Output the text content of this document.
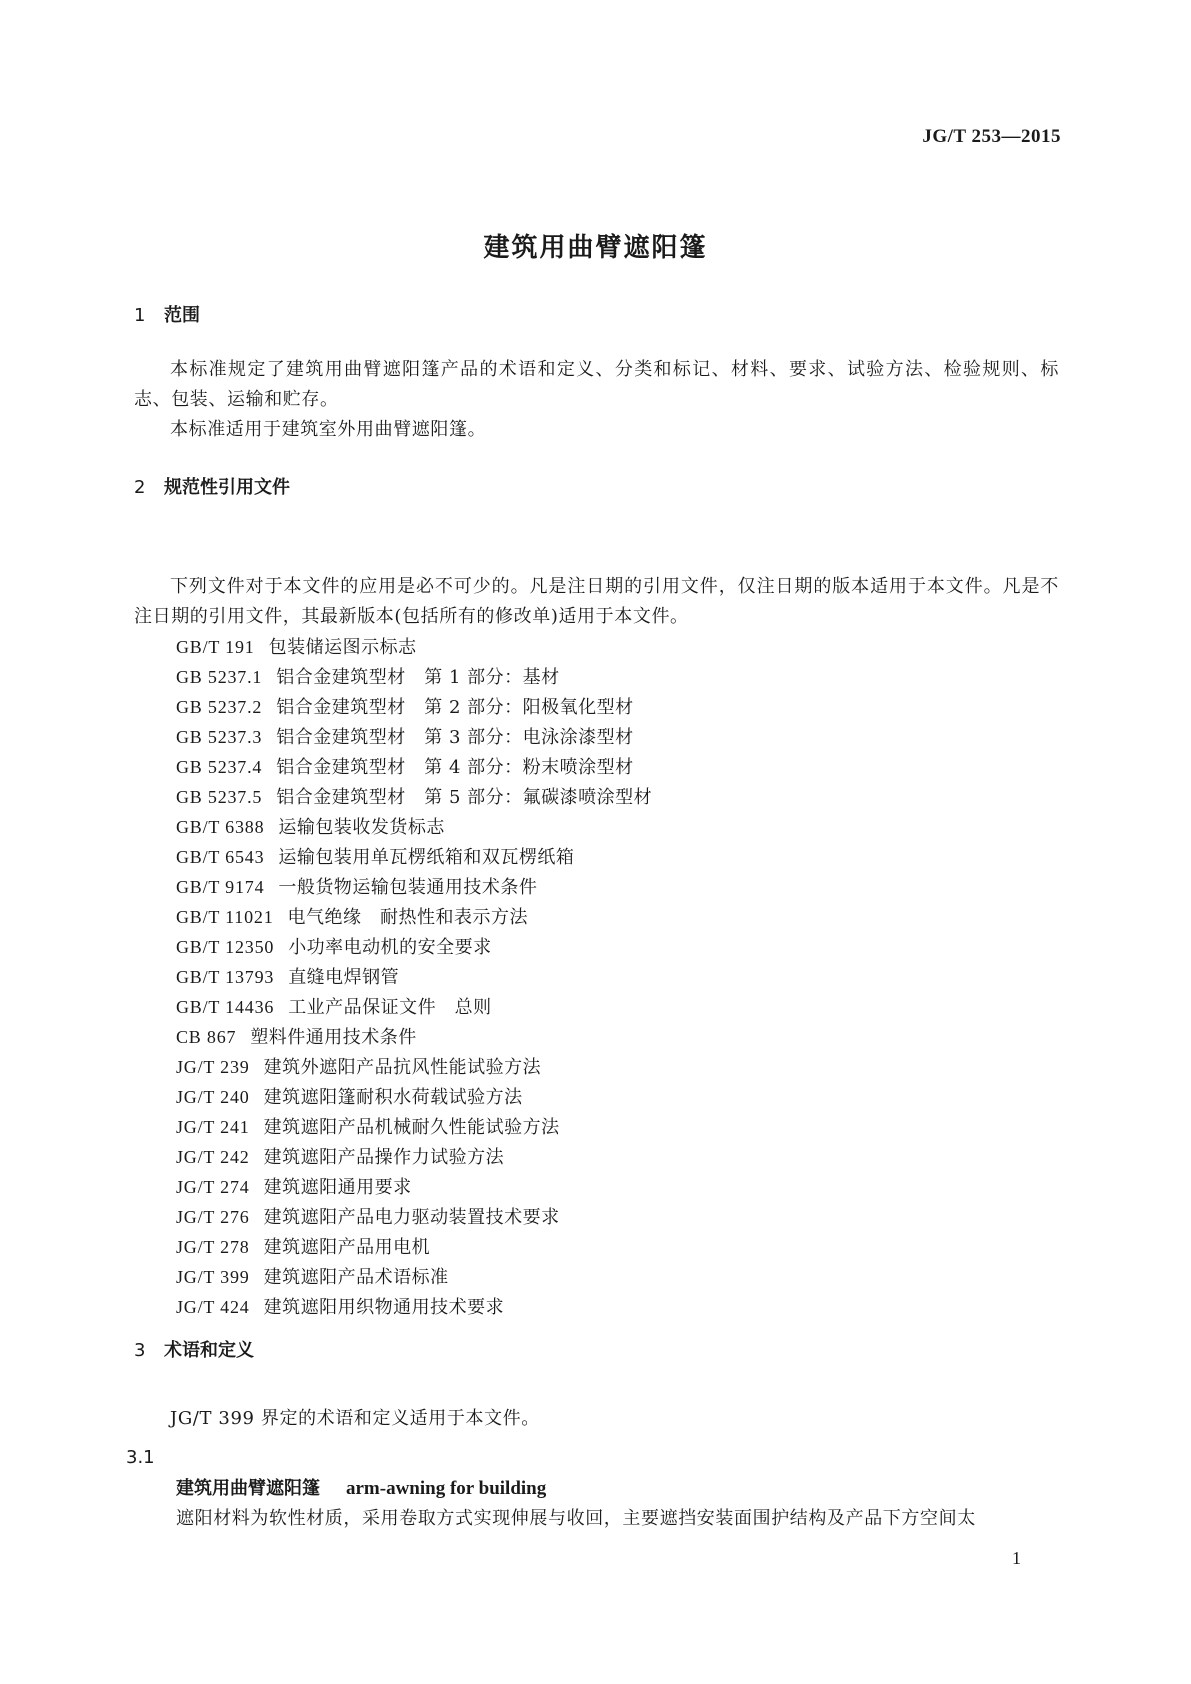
JG/T 253—2015
建筑用曲臂遮阳篷
1 范围
本标准规定了建筑用曲臂遮阳篷产品的术语和定义、分类和标记、材料、要求、试验方法、检验规则、标志、包装、运输和贮存。
本标准适用于建筑室外用曲臂遮阳篷。
2 规范性引用文件
下列文件对于本文件的应用是必不可少的。凡是注日期的引用文件，仅注日期的版本适用于本文件。凡是不注日期的引用文件，其最新版本(包括所有的修改单)适用于本文件。
GB/T 191 包装储运图示标志
GB 5237.1 铝合金建筑型材　第 1 部分：基材
GB 5237.2 铝合金建筑型材　第 2 部分：阳极氧化型材
GB 5237.3 铝合金建筑型材　第 3 部分：电泳涂漆型材
GB 5237.4 铝合金建筑型材　第 4 部分：粉末喷涂型材
GB 5237.5 铝合金建筑型材　第 5 部分：氟碳漆喷涂型材
GB/T 6388 运输包装收发货标志
GB/T 6543 运输包装用单瓦楞纸箱和双瓦楞纸箱
GB/T 9174 一般货物运输包装通用技术条件
GB/T 11021 电气绝缘　耐热性和表示方法
GB/T 12350 小功率电动机的安全要求
GB/T 13793 直缝电焊钢管
GB/T 14436 工业产品保证文件　总则
CB 867 塑料件通用技术条件
JG/T 239 建筑外遮阳产品抗风性能试验方法
JG/T 240 建筑遮阳篷耐积水荷载试验方法
JG/T 241 建筑遮阳产品机械耐久性能试验方法
JG/T 242 建筑遮阳产品操作力试验方法
JG/T 274 建筑遮阳通用要求
JG/T 276 建筑遮阳产品电力驱动装置技术要求
JG/T 278 建筑遮阳产品用电机
JG/T 399 建筑遮阳产品术语标准
JG/T 424 建筑遮阳用织物通用技术要求
3 术语和定义
JG/T 399 界定的术语和定义适用于本文件。
3.1
建筑用曲臂遮阳篷 arm-awning for building
遮阳材料为软性材质，采用卷取方式实现伸展与收回，主要遮挡安装面围护结构及产品下方空间太
1
